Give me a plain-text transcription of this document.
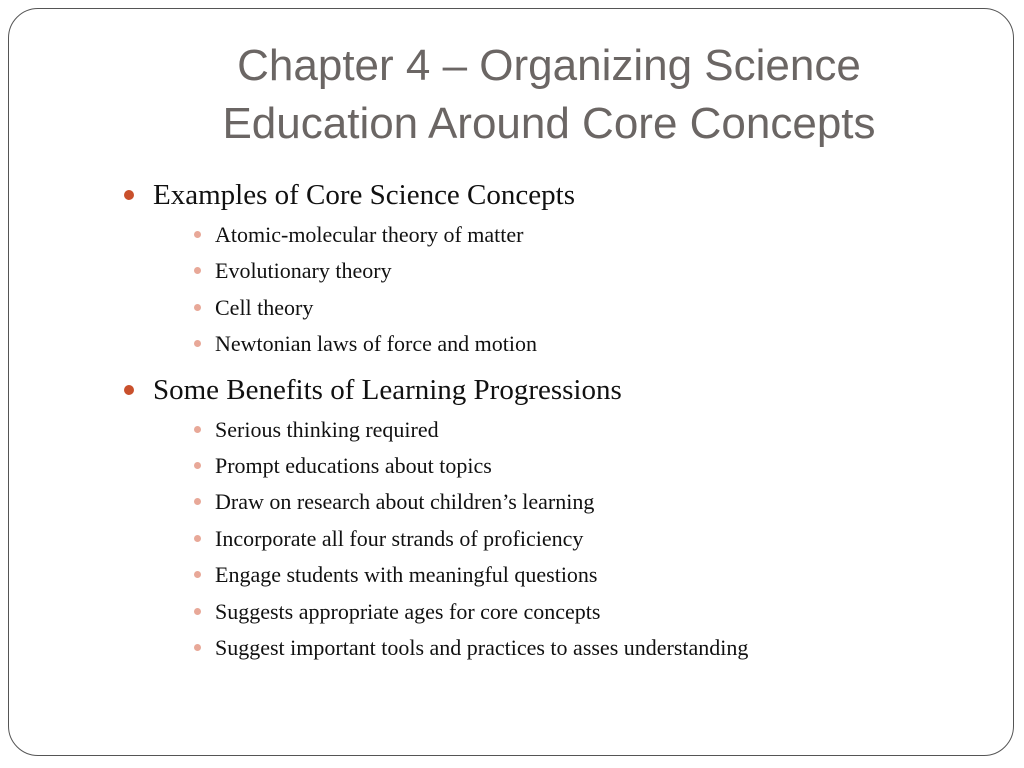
Chapter 4 – Organizing Science
Education Around Core Concepts

Examples of Core Science Concepts

Atomic-molecular theory of matter

Evolutionary theory

Cell theory

Newtonian laws of force and motion

Some Benefits of Learning Progressions

Serious thinking required

Prompt educations about topics

Draw on research about children’s learning

Incorporate all four strands of proficiency

Engage students with meaningful questions

Suggests appropriate ages for core concepts

Suggest important tools and practices to asses understanding
